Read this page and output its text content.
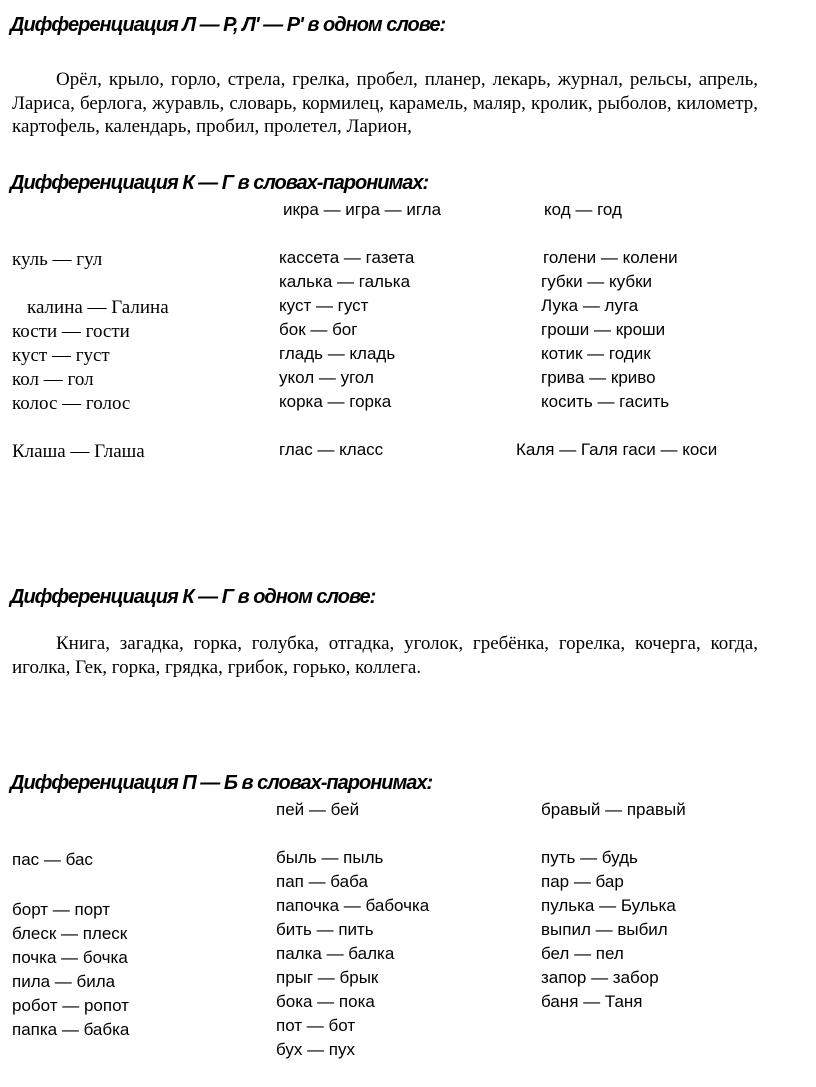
Дифференциация Л — Р, Л' — Р' в одном слове:

Орёл, крыло, горло, стрела, грелка, пробел, планер, лекарь, журнал, рельсы, апрель, Лариса, берлога, журавль, словарь, кормилец, карамель, маляр, кролик, рыболов, километр, картофель, календарь, пробил, пролетел, Ларион,

Дифференциация К — Г в словах-паронимах:
куль — гул
калина — Галина
кости — гости
куст — густ
кол — гол
колос — голос
Клаша — Глаша
икра — игра — игла
кассета — газета
калька — галька
куст — густ
бок — бог
гладь — кладь
укол — угол
корка — горка
глас — класс
код — год
голени — колени
губки — кубки
Лука — луга
гроши — кроши
котик — годик
грива — криво
косить — гасить
Каля — Галя гаси — коси
Дифференциация К — Г в одном слове:

Книга, загадка, горка, голубка, отгадка, уголок, гребёнка, горелка, кочерга, когда, иголка, Гек, горка, грядка, грибок, горько, коллега.

Дифференциация П — Б в словах-паронимах:
пас — бас
борт — порт
блеск — плеск
почка — бочка
пила — била
робот — ропот
папка — бабка
пей — бей
быль — пыль
пап — баба
папочка — бабочка
бить — пить
палка — балка
прыг — брык
бока — пока
пот — бот
бух — пух
бравый — правый
путь — будь
пар — бар
пулька — Булька
выпил — выбил
бел — пел
запор — забор
баня — Таня
